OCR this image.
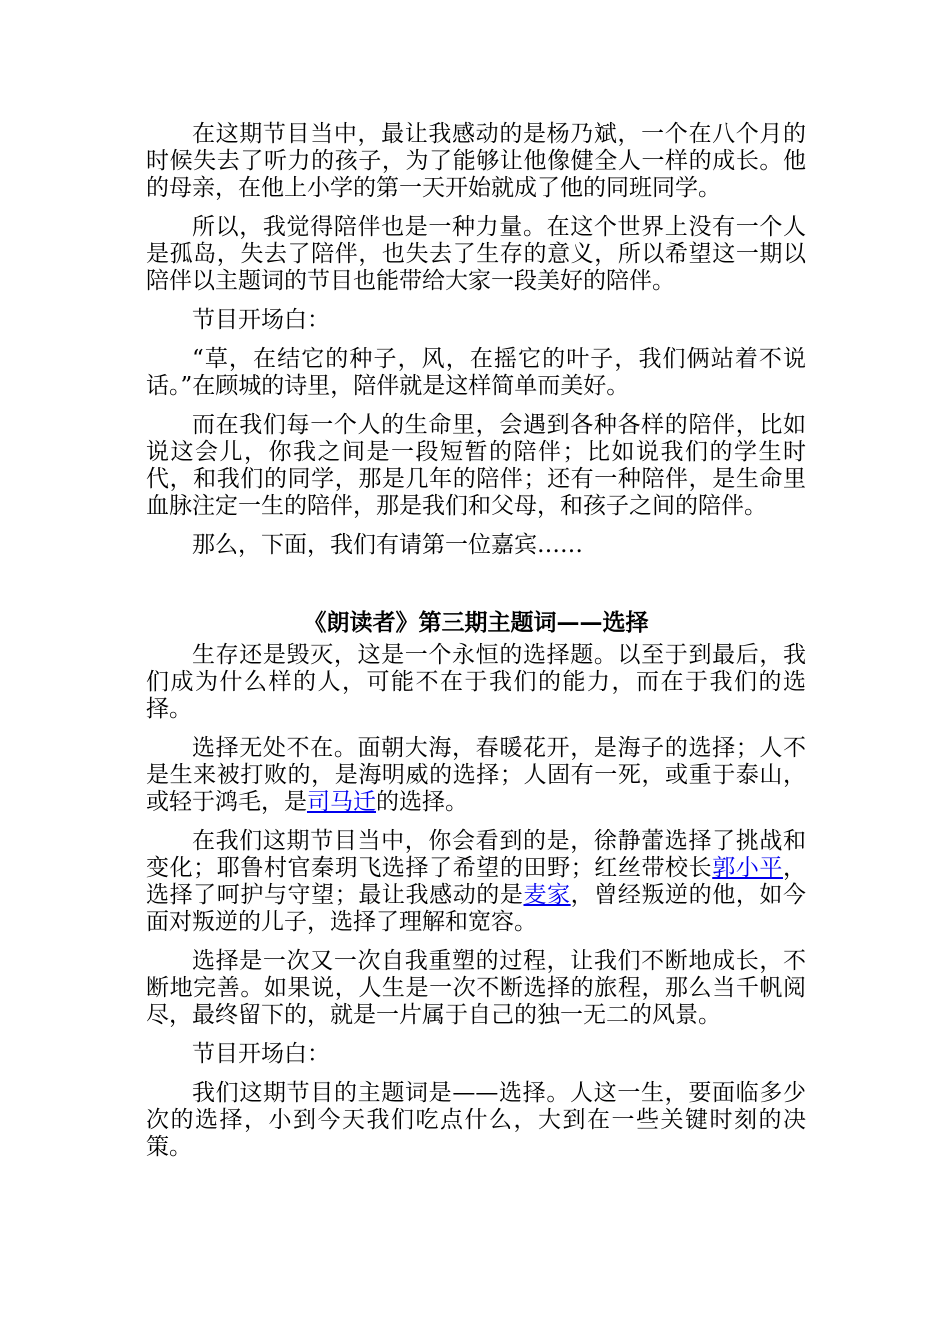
在这期节目当中，最让我感动的是杨乃斌，一个在八个月的时候失去了听力的孩子，为了能够让他像健全人一样的成长。他的母亲，在他上小学的第一天开始就成了他的同班同学。

所以，我觉得陪伴也是一种力量。在这个世界上没有一个人是孤岛，失去了陪伴，也失去了生存的意义，所以希望这一期以陪伴以主题词的节目也能带给大家一段美好的陪伴。

节目开场白：

“草，在结它的种子，风，在摇它的叶子，我们俩站着不说话。”在顾城的诗里，陪伴就是这样简单而美好。

而在我们每一个人的生命里，会遇到各种各样的陪伴，比如说这会儿，你我之间是一段短暂的陪伴；比如说我们的学生时代，和我们的同学，那是几年的陪伴；还有一种陪伴，是生命里血脉注定一生的陪伴，那是我们和父母，和孩子之间的陪伴。

那么，下面，我们有请第一位嘉宾……

《朗读者》第三期主题词——选择

生存还是毁灭，这是一个永恒的选择题。以至于到最后，我们成为什么样的人，可能不在于我们的能力，而在于我们的选择。

选择无处不在。面朝大海，春暖花开，是海子的选择；人不是生来被打败的，是海明威的选择；人固有一死，或重于泰山，或轻于鸿毛，是司马迁的选择。

在我们这期节目当中，你会看到的是，徐静蕾选择了挑战和变化；耶鲁村官秦玥飞选择了希望的田野；红丝带校长郭小平，选择了呵护与守望；最让我感动的是麦家，曾经叛逆的他，如今面对叛逆的儿子，选择了理解和宽容。

选择是一次又一次自我重塑的过程，让我们不断地成长，不断地完善。如果说，人生是一次不断选择的旅程，那么当千帆阅尽，最终留下的，就是一片属于自己的独一无二的风景。

节目开场白：

我们这期节目的主题词是——选择。人这一生，要面临多少次的选择，小到今天我们吃点什么，大到在一些关键时刻的决策。
